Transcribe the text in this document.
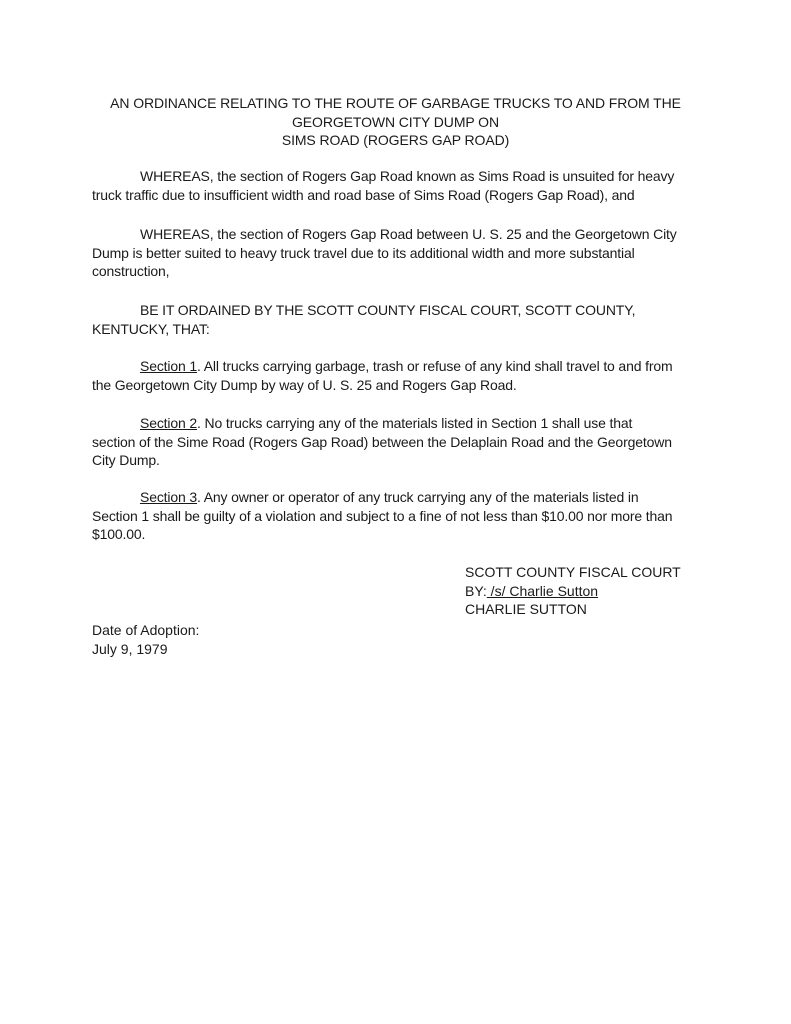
AN ORDINANCE RELATING TO THE ROUTE OF GARBAGE TRUCKS TO AND FROM THE
GEORGETOWN CITY DUMP ON
SIMS ROAD (ROGERS GAP ROAD)
WHEREAS, the section of Rogers Gap Road known as Sims Road is unsuited for heavy
truck traffic due to insufficient width and road base of Sims Road (Rogers Gap Road), and
WHEREAS, the section of Rogers Gap Road between U. S. 25 and the Georgetown City
Dump is better suited to heavy truck travel due to its additional width and more substantial
construction,
BE IT ORDAINED BY THE SCOTT COUNTY FISCAL COURT, SCOTT COUNTY,
KENTUCKY, THAT:
Section 1. All trucks carrying garbage, trash or refuse of any kind shall travel to and from
the Georgetown City Dump by way of U. S. 25 and Rogers Gap Road.
Section 2. No trucks carrying any of the materials listed in Section 1 shall use that
section of the Sime Road (Rogers Gap Road) between the Delaplain Road and the Georgetown
City Dump.
Section 3. Any owner or operator of any truck carrying any of the materials listed in
Section 1 shall be guilty of a violation and subject to a fine of not less than $10.00 nor more than
$100.00.
SCOTT COUNTY FISCAL COURT
BY: /s/ Charlie Sutton
CHARLIE SUTTON
Date of Adoption:
July 9, 1979
